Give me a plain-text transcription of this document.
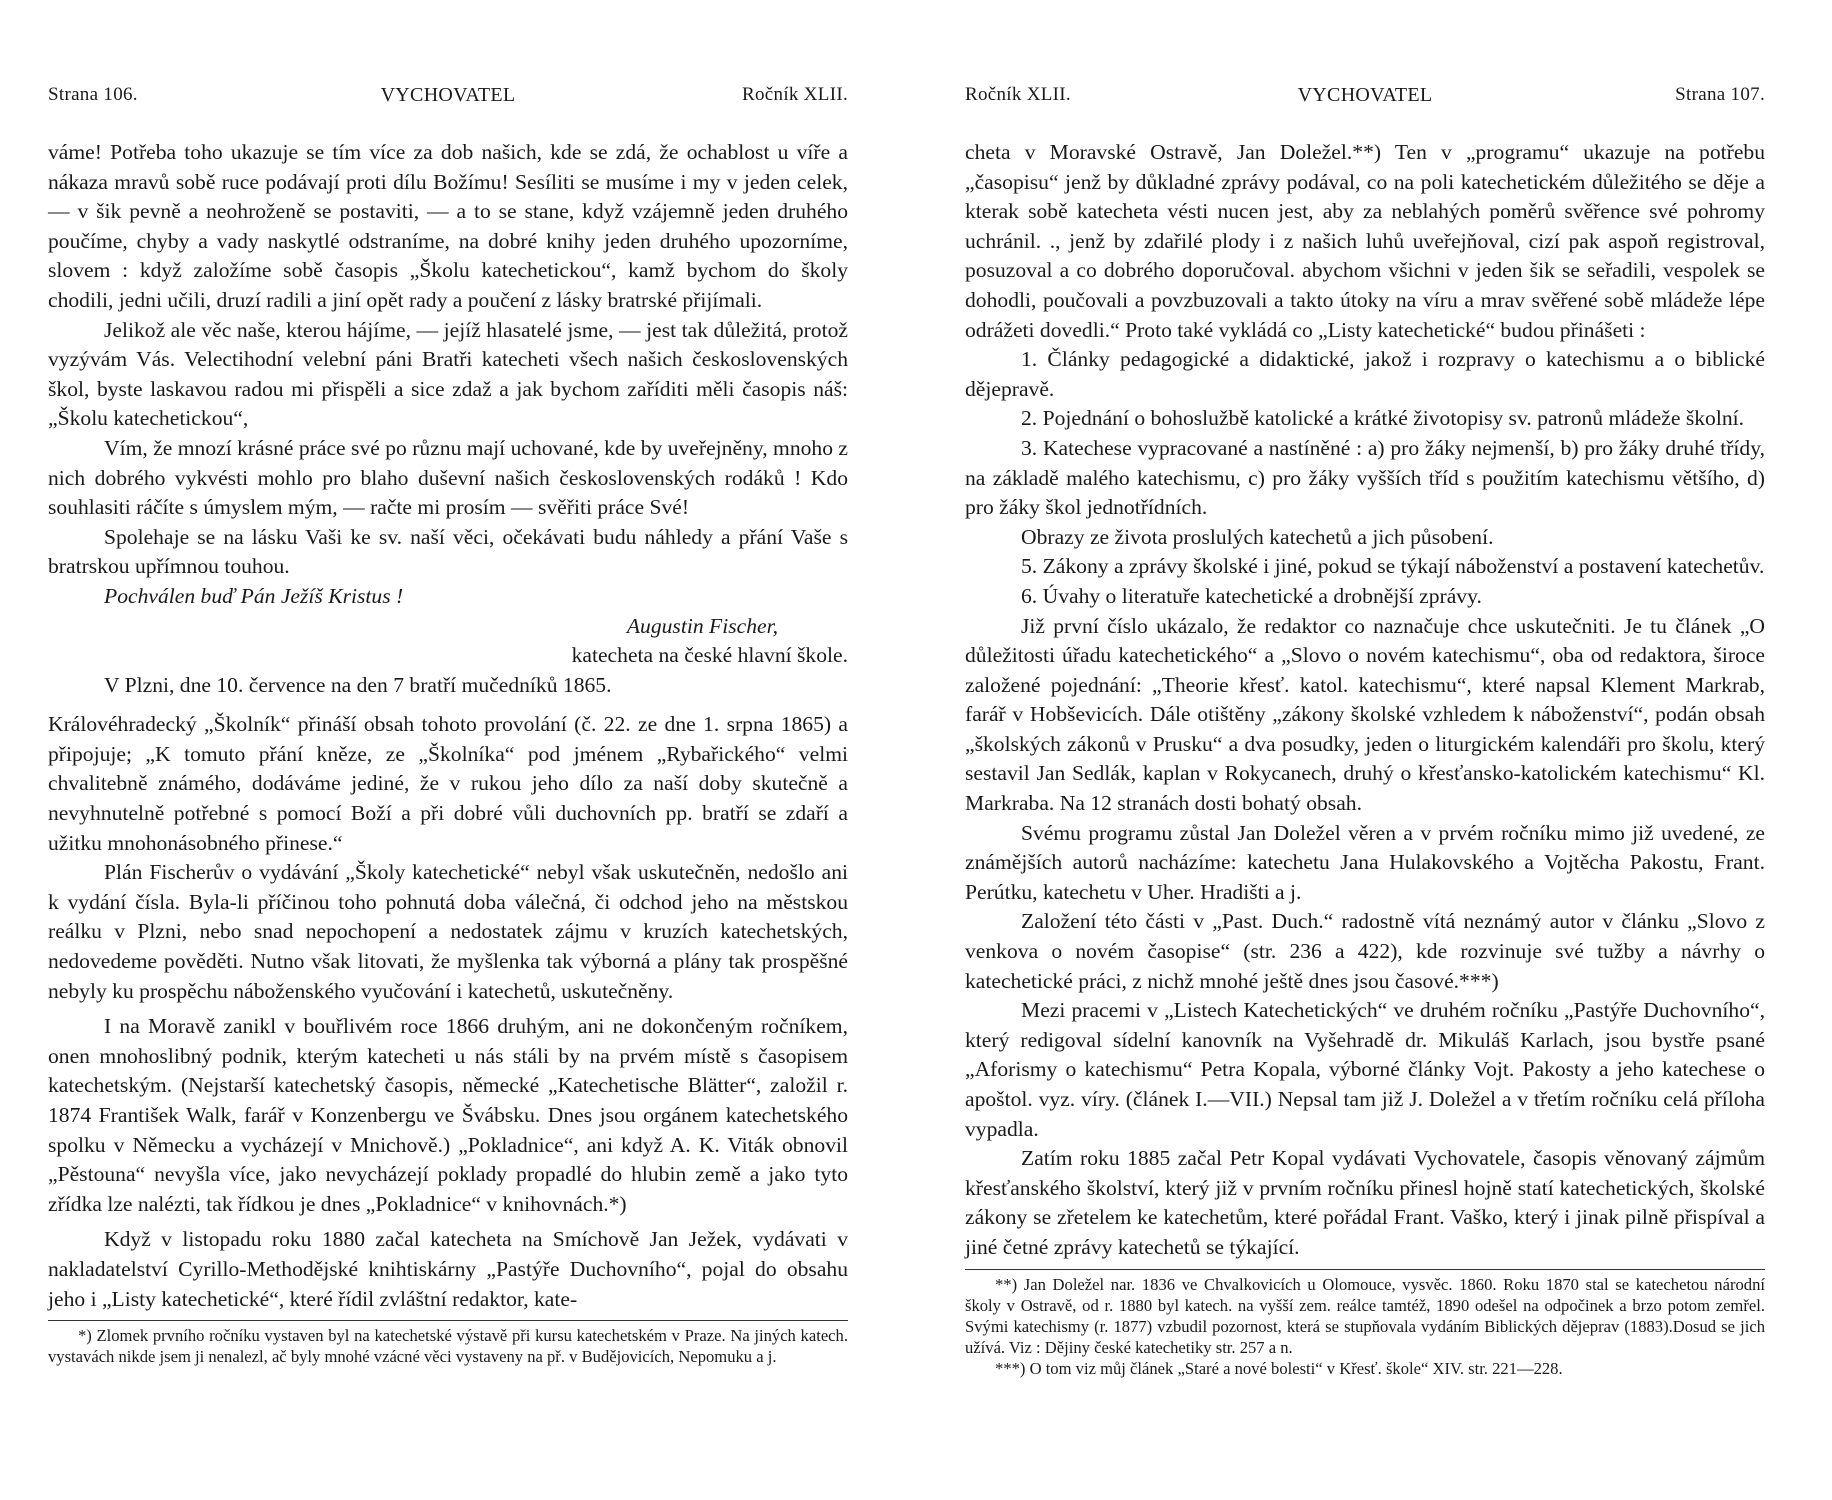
Strana 106.	VYCHOVATEL	Ročník XLII.

váme! Potřeba toho ukazuje se tím více za dob našich, kde se zdá, že ochablost u víře a nákaza mravů sobě ruce podávají proti dílu Božímu! Sesíliti se musíme i my v jeden celek, — v šik pevně a neohroženě se postaviti, — a to se stane, když vzájemně jeden druhého poučíme, chyby a vady naskytlé odstraníme, na dobré knihy jeden druhého upozorníme, slovem : když založíme sobě časopis „Školu katechetickou“, kamž bychom do školy chodili, jedni učili, druzí radili a jiní opět rady a poučení z lásky bratrské přijímali.

Jelikož ale věc naše, kterou hájíme, — jejíž hlasatelé jsme, — jest tak důležitá, protož vyzývám Vás. Velectihodní velební páni Bratři katecheti všech našich československých škol, byste laskavou radou mi přispěli a sice zdaž a jak bychom zaříditi měli časopis náš: „Školu katechetickou“,

Vím, že mnozí krásné práce své po různu mají uchované, kde by uveřejněny, mnoho z nich dobrého vykvésti mohlo pro blaho duševní našich československých rodáků ! Kdo souhlasiti ráčíte s úmyslem mým, — račte mi prosím — svěřiti práce Své!

Spolehaje se na lásku Vaši ke sv. naší věci, očekávati budu náhledy a přání Vaše s bratrskou upřímnou touhou.

Pochválen buď Pán Ježíš Kristus !

Augustin Fischer,

katecheta na české hlavní škole.

V Plzni, dne 10. července na den 7 bratří mučedníků 1865.

Královéhradecký „Školník“ přináší obsah tohoto provolání (č. 22. ze dne 1. srpna 1865) a připojuje; „K tomuto přání kněze, ze „Školníka“ pod jménem „Rybařického“ velmi chvalitebně známého, dodáváme jediné, že v rukou jeho dílo za naší doby skutečně a nevyhnutelně potřebné s pomocí Boží a při dobré vůli duchovních pp. bratří se zdaří a užitku mnohonásobného přinese.“

Plán Fischerův o vydávání „Školy katechetické“ nebyl však uskutečněn, nedošlo ani k vydání čísla. Byla-li příčinou toho pohnutá doba válečná, či odchod jeho na městskou reálku v Plzni, nebo snad nepochopení a nedostatek zájmu v kruzích katechetských, nedovedeme pověděti. Nutno však litovati, že myšlenka tak výborná a plány tak prospěšné nebyly ku prospěchu náboženského vyučování i katechetů, uskutečněny.

I na Moravě zanikl v bouřlivém roce 1866 druhým, ani ne dokončeným ročníkem, onen mnohoslibný podnik, kterým katecheti u nás stáli by na prvém místě s časopisem katechetským. (Nejstarší katechetský časopis, německé „Katechetische Blätter“, založil r. 1874 František Walk, farář v Konzenbergu ve Švábsku. Dnes jsou orgánem katechetského spolku v Německu a vycházejí v Mnichově.) „Pokladnice“, ani když A. K. Viták obnovil „Pěstouna“ nevyšla více, jako nevycházejí poklady propadlé do hlubin země a jako tyto zřídka lze nalézti, tak řídkou je dnes „Pokladnice“ v knihovnách.*)

Když v listopadu roku 1880 začal katecheta na Smíchově Jan Ježek, vydávati v nakladatelství Cyrillo-Methodějské knihtiskárny „Pastýře Duchovního“, pojal do obsahu jeho i „Listy katechetické“, které řídil zvláštní redaktor, kate-

*) Zlomek prvního ročníku vystaven byl na katechetské výstavě při kursu katechetském v Praze. Na jiných katech. vystavách nikde jsem ji nenalezl, ač byly mnohé vzácné věci vystaveny na př. v Budějovicích, Nepomuku a j.

Ročník XLII.	VYCHOVATEL	Strana 107.

cheta v Moravské Ostravě, Jan Doležel.**) Ten v „programu“ ukazuje na potřebu „časopisu“ jenž by důkladné zprávy podával, co na poli katechetickém důležitého se děje a kterak sobě katecheta vésti nucen jest, aby za neblahých poměrů svěřence své pohromy uchránil. ., jenž by zdařilé plody i z našich luhů uveřejňoval, cizí pak aspoň registroval, posuzoval a co dobrého doporučoval. abychom všichni v jeden šik se seřadili, vespolek se dohodli, poučovali a povzbuzovali a takto útoky na víru a mrav svěřené sobě mládeže lépe odrážeti dovedli.“ Proto také vykládá co „Listy katechetické“ budou přinášeti :

1. Články pedagogické a didaktické, jakož i rozpravy o katechismu a o biblické dějepravě.

2. Pojednání o bohoslužbě katolické a krátké životopisy sv. patronů mládeže školní.

3. Katechese vypracované a nastíněné : a) pro žáky nejmenší, b) pro žáky druhé třídy, na základě malého katechismu, c) pro žáky vyšších tříd s použitím katechismu většího, d) pro žáky škol jednotřídních.

Obrazy ze života proslulých katechetů a jich působení.

5. Zákony a zprávy školské i jiné, pokud se týkají náboženství a postavení katechetův.

6. Úvahy o literatuře katechetické a drobnější zprávy.

Již první číslo ukázalo, že redaktor co naznačuje chce uskutečniti. Je tu článek „O důležitosti úřadu katechetického“ a „Slovo o novém katechismu“, oba od redaktora, široce založené pojednání: „Theorie křesť. katol. katechismu“, které napsal Klement Markrab, farář v Hobševicích. Dále otištěny „zákony školské vzhledem k náboženství“, podán obsah „školských zákonů v Prusku“ a dva posudky, jeden o liturgickém kalendáři pro školu, který sestavil Jan Sedlák, kaplan v Rokycanech, druhý o křesťansko-katolickém katechismu“ Kl. Markraba. Na 12 stranách dosti bohatý obsah.

Svému programu zůstal Jan Doležel věren a v prvém ročníku mimo již uvedené, ze známějších autorů nacházíme: katechetu Jana Hulakovského a Vojtěcha Pakostu, Frant. Perútku, katechetu v Uher. Hradišti a j.

Založení této části v „Past. Duch.“ radostně vítá neznámý autor v článku „Slovo z venkova o novém časopise“ (str. 236 a 422), kde rozvinuje své tužby a návrhy o katechetické práci, z nichž mnohé ještě dnes jsou časové.***)

Mezi pracemi v „Listech Katechetických“ ve druhém ročníku „Pastýře Duchovního“, který redigoval sídelní kanovník na Vyšehradě dr. Mikuláš Karlach, jsou bystře psané „Aforismy o katechismu“ Petra Kopala, výborné články Vojt. Pakosty a jeho katechese o apoštol. vyz. víry. (článek I.—VII.) Nepsal tam již J. Doležel a v třetím ročníku celá příloha vypadla.

Zatím roku 1885 začal Petr Kopal vydávati Vychovatele, časopis věnovaný zájmům křesťanského školství, který již v prvním ročníku přinesl hojně statí katechetických, školské zákony se zřetelem ke katechetům, které pořádal Frant. Vaško, který i jinak pilně přispíval a jiné četné zprávy katechetů se týkající.

**) Jan Doležel nar. 1836 ve Chvalkovicích u Olomouce, vysvěc. 1860. Roku 1870 stal se katechetou národní školy v Ostravě, od r. 1880 byl katech. na vyšší zem. reálce tamtéž, 1890 odešel na odpočinek a brzo potom zemřel. Svými katechismy (r. 1877) vzbudil pozornost, která se stupňovala vydáním Biblických dějeprav (1883).Dosud se jich užívá. Viz : Dějiny české katechetiky str. 257 a n.

***) O tom viz můj článek „Staré a nové bolesti“ v Křesť. škole“ XIV. str. 221—228.
